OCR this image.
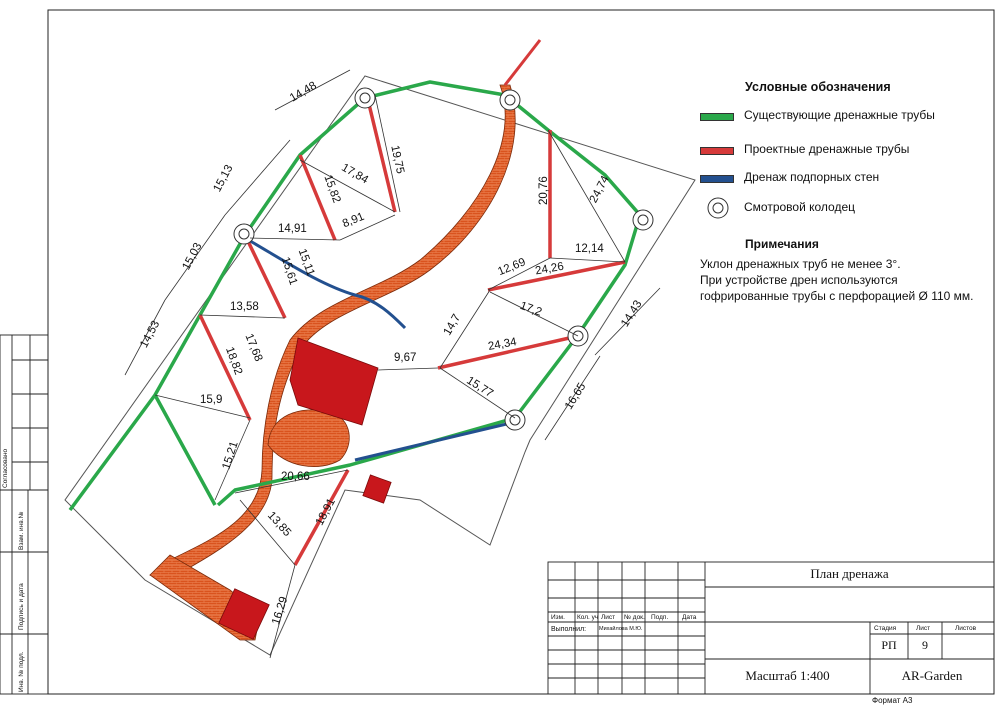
14,48
19,75
15,13	17,84
15,82
8,91
14,91
15,11
15,61
15,03
13,58
14,53	17,68
18,82
15,9
15,21
20,66
13,85 18,91
16,29
9,67
20,76	24,74
12,69 24,26
12,14
17,2
14,7
24,34
15,77
14,43
16,65
Условные обозначения
Существующие дренажные трубы
Проектные дренажные трубы
Дренаж подпорных стен
Смотровой колодец
Примечания
Уклон дренажных труб не менее 3°.
При устройстве дрен используются
гофрированные трубы с перфорацией Ø 110 мм.
План дренажа
Масштаб 1:400	AR-Garden
Стадия	Лист	Листов
РП	9
Формат А3
Изм. Кол. уч Лист № док. Подп. Дата
Выполнил: Михайлова М.Ю.
Согласовано
Взам. инв.№
Подпись и дата
Инв. № подл.
